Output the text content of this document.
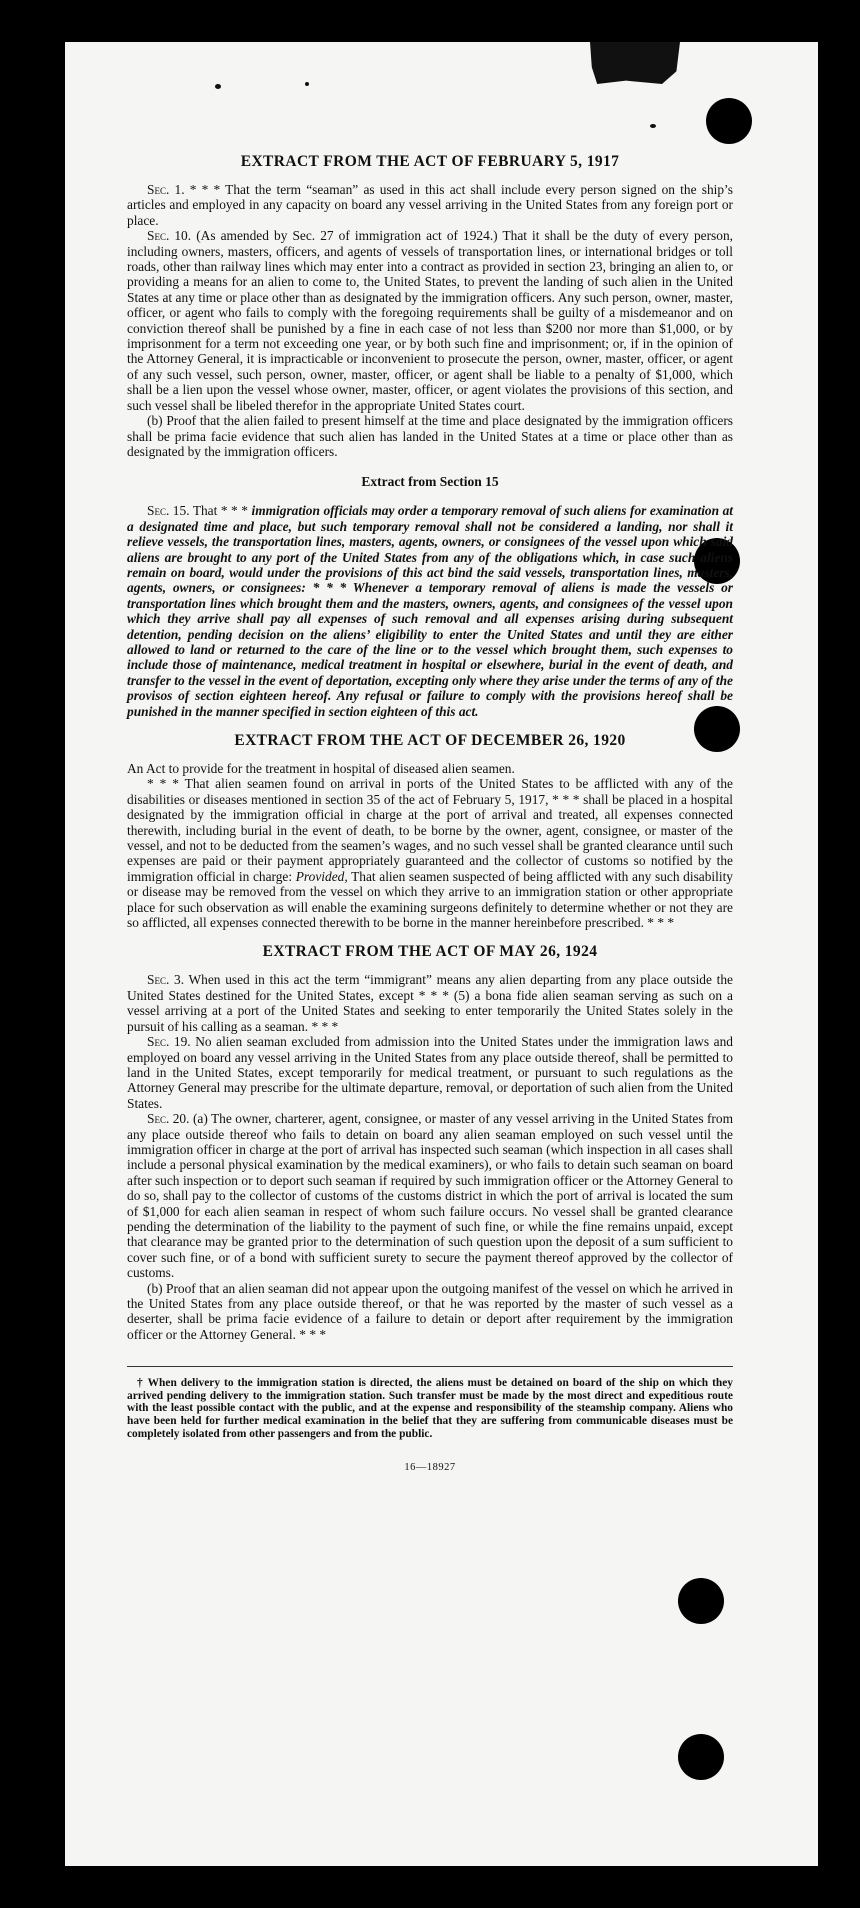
EXTRACT FROM THE ACT OF FEBRUARY 5, 1917

Sec. 1. * * * That the term “seaman” as used in this act shall include every person signed on the ship’s articles and employed in any capacity on board any vessel arriving in the United States from any foreign port or place.

Sec. 10. (As amended by Sec. 27 of immigration act of 1924.) That it shall be the duty of every person, including owners, masters, officers, and agents of vessels of transportation lines, or international bridges or toll roads, other than railway lines which may enter into a contract as provided in section 23, bringing an alien to, or providing a means for an alien to come to, the United States, to prevent the landing of such alien in the United States at any time or place other than as designated by the immigration officers. Any such person, owner, master, officer, or agent who fails to comply with the foregoing requirements shall be guilty of a misdemeanor and on conviction thereof shall be punished by a fine in each case of not less than $200 nor more than $1,000, or by imprisonment for a term not exceeding one year, or by both such fine and imprisonment; or, if in the opinion of the Attorney General, it is impracticable or inconvenient to prosecute the person, owner, master, officer, or agent of any such vessel, such person, owner, master, officer, or agent shall be liable to a penalty of $1,000, which shall be a lien upon the vessel whose owner, master, officer, or agent violates the provisions of this section, and such vessel shall be libeled therefor in the appropriate United States court.

(b) Proof that the alien failed to present himself at the time and place designated by the immigration officers shall be prima facie evidence that such alien has landed in the United States at a time or place other than as designated by the immigration officers.

Extract from Section 15

Sec. 15. That * * * immigration officials may order a temporary removal of such aliens for examination at a designated time and place, but such temporary removal shall not be considered a landing, nor shall it relieve vessels, the transportation lines, masters, agents, owners, or consignees of the vessel upon which said aliens are brought to any port of the United States from any of the obligations which, in case such aliens remain on board, would under the provisions of this act bind the said vessels, transportation lines, masters, agents, owners, or consignees: * * * Whenever a temporary removal of aliens is made the vessels or transportation lines which brought them and the masters, owners, agents, and consignees of the vessel upon which they arrive shall pay all expenses of such removal and all expenses arising during subsequent detention, pending decision on the aliens’ eligibility to enter the United States and until they are either allowed to land or returned to the care of the line or to the vessel which brought them, such expenses to include those of maintenance, medical treatment in hospital or elsewhere, burial in the event of death, and transfer to the vessel in the event of deportation, excepting only where they arise under the terms of any of the provisos of section eighteen hereof. Any refusal or failure to comply with the provisions hereof shall be punished in the manner specified in section eighteen of this act.

EXTRACT FROM THE ACT OF DECEMBER 26, 1920

An Act to provide for the treatment in hospital of diseased alien seamen.

* * * That alien seamen found on arrival in ports of the United States to be afflicted with any of the disabilities or diseases mentioned in section 35 of the act of February 5, 1917, * * * shall be placed in a hospital designated by the immigration official in charge at the port of arrival and treated, all expenses connected therewith, including burial in the event of death, to be borne by the owner, agent, consignee, or master of the vessel, and not to be deducted from the seamen’s wages, and no such vessel shall be granted clearance until such expenses are paid or their payment appropriately guaranteed and the collector of customs so notified by the immigration official in charge: Provided, That alien seamen suspected of being afflicted with any such disability or disease may be removed from the vessel on which they arrive to an immigration station or other appropriate place for such observation as will enable the examining surgeons definitely to determine whether or not they are so afflicted, all expenses connected therewith to be borne in the manner hereinbefore prescribed. * * *

EXTRACT FROM THE ACT OF MAY 26, 1924

Sec. 3. When used in this act the term “immigrant” means any alien departing from any place outside the United States destined for the United States, except * * * (5) a bona fide alien seaman serving as such on a vessel arriving at a port of the United States and seeking to enter temporarily the United States solely in the pursuit of his calling as a seaman. * * *

Sec. 19. No alien seaman excluded from admission into the United States under the immigration laws and employed on board any vessel arriving in the United States from any place outside thereof, shall be permitted to land in the United States, except temporarily for medical treatment, or pursuant to such regulations as the Attorney General may prescribe for the ultimate departure, removal, or deportation of such alien from the United States.

Sec. 20. (a) The owner, charterer, agent, consignee, or master of any vessel arriving in the United States from any place outside thereof who fails to detain on board any alien seaman employed on such vessel until the immigration officer in charge at the port of arrival has inspected such seaman (which inspection in all cases shall include a personal physical examination by the medical examiners), or who fails to detain such seaman on board after such inspection or to deport such seaman if required by such immigration officer or the Attorney General to do so, shall pay to the collector of customs of the customs district in which the port of arrival is located the sum of $1,000 for each alien seaman in respect of whom such failure occurs. No vessel shall be granted clearance pending the determination of the liability to the payment of such fine, or while the fine remains unpaid, except that clearance may be granted prior to the determination of such question upon the deposit of a sum sufficient to cover such fine, or of a bond with sufficient surety to secure the payment thereof approved by the collector of customs.

(b) Proof that an alien seaman did not appear upon the outgoing manifest of the vessel on which he arrived in the United States from any place outside thereof, or that he was reported by the master of such vessel as a deserter, shall be prima facie evidence of a failure to detain or deport after requirement by the immigration officer or the Attorney General. * * *

† When delivery to the immigration station is directed, the aliens must be detained on board of the ship on which they arrived pending delivery to the immigration station. Such transfer must be made by the most direct and expeditious route with the least possible contact with the public, and at the expense and responsibility of the steamship company. Aliens who have been held for further medical examination in the belief that they are suffering from communicable diseases must be completely isolated from other passengers and from the public.

16—18927
